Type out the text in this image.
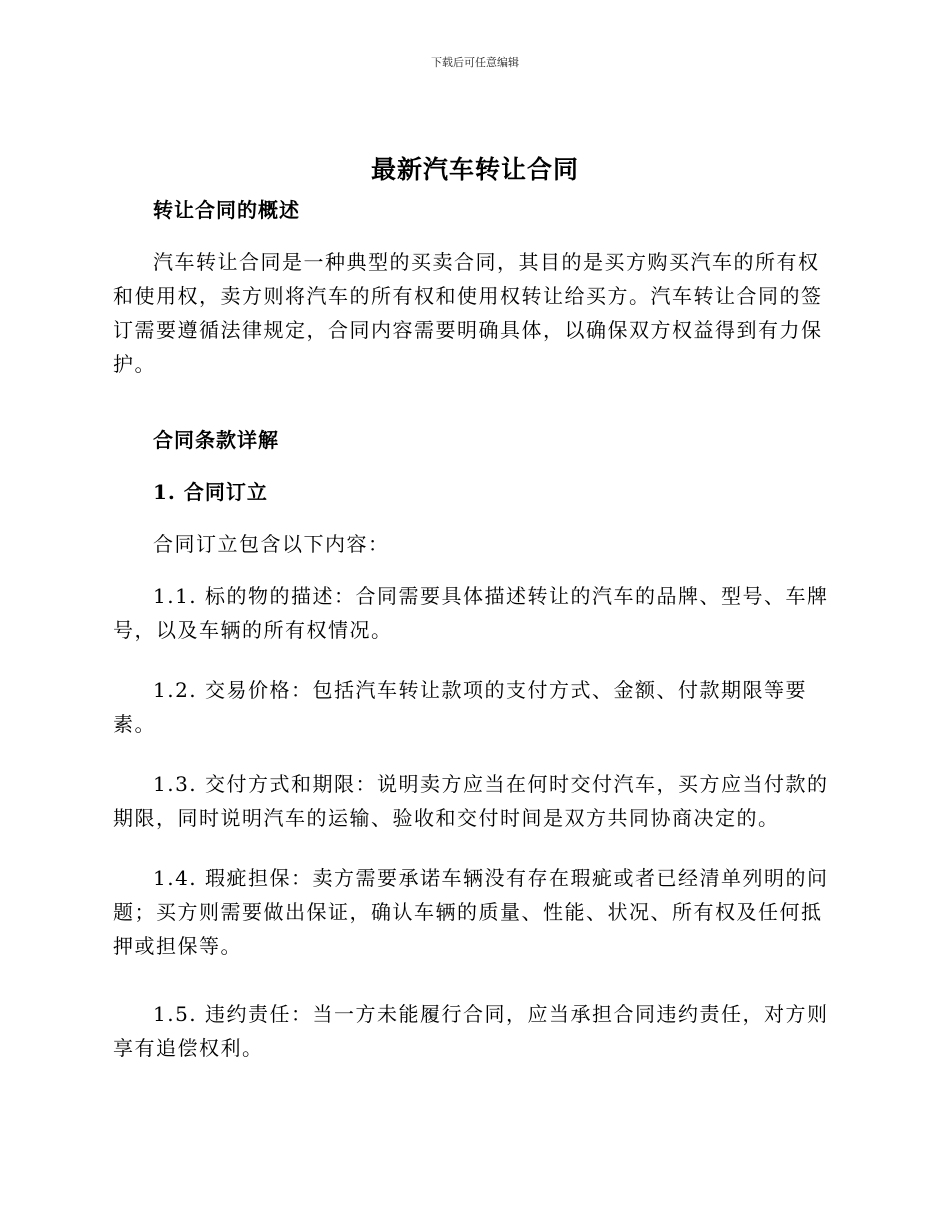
下载后可任意编辑
最新汽车转让合同
转让合同的概述
汽车转让合同是一种典型的买卖合同，其目的是买方购买汽车的所有权和使用权，卖方则将汽车的所有权和使用权转让给买方。汽车转让合同的签订需要遵循法律规定，合同内容需要明确具体，以确保双方权益得到有力保护。
合同条款详解
1. 合同订立
合同订立包含以下内容：
1.1. 标的物的描述：合同需要具体描述转让的汽车的品牌、型号、车牌号，以及车辆的所有权情况。
1.2. 交易价格：包括汽车转让款项的支付方式、金额、付款期限等要素。
1.3. 交付方式和期限：说明卖方应当在何时交付汽车，买方应当付款的期限，同时说明汽车的运输、验收和交付时间是双方共同协商决定的。
1.4. 瑕疵担保：卖方需要承诺车辆没有存在瑕疵或者已经清单列明的问题；买方则需要做出保证，确认车辆的质量、性能、状况、所有权及任何抵押或担保等。
1.5. 违约责任：当一方未能履行合同，应当承担合同违约责任，对方则享有追偿权利。
